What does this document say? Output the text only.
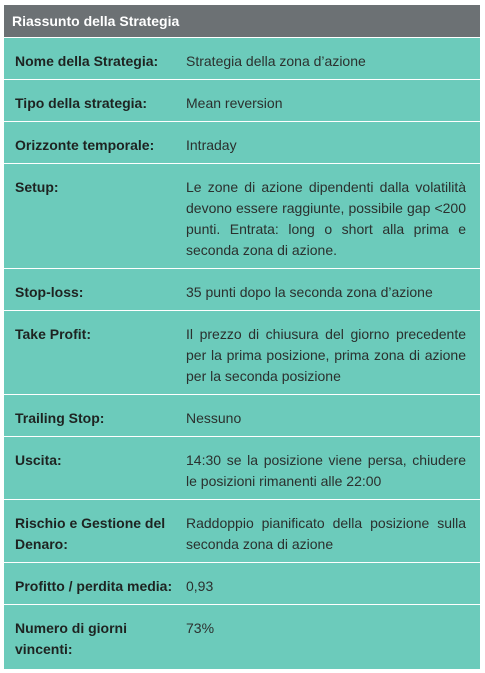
Riassunto della Strategia
Nome della Strategia:	Strategia della zona d’azione
Tipo della strategia:	Mean reversion
Orizzonte temporale:	Intraday
Setup:	Le zone di azione dipendenti dalla volatilità devono essere raggiunte, possibile gap <200 punti. Entrata: long o short alla prima e seconda zona di azione.
Stop-loss:	35 punti dopo la seconda zona d’azione
Take Profit:	Il prezzo di chiusura del giorno precedente per la prima posizione, prima zona di azione per la seconda posizione
Trailing Stop:	Nessuno
Uscita:	14:30 se la posizione viene persa, chiudere le posizioni rimanenti alle 22:00
Rischio e Gestione del Denaro:
Raddoppio pianificato della posizione sulla seconda zona di azione
Profitto / perdita media: 0,93
Numero di giorni vincenti:
73%
